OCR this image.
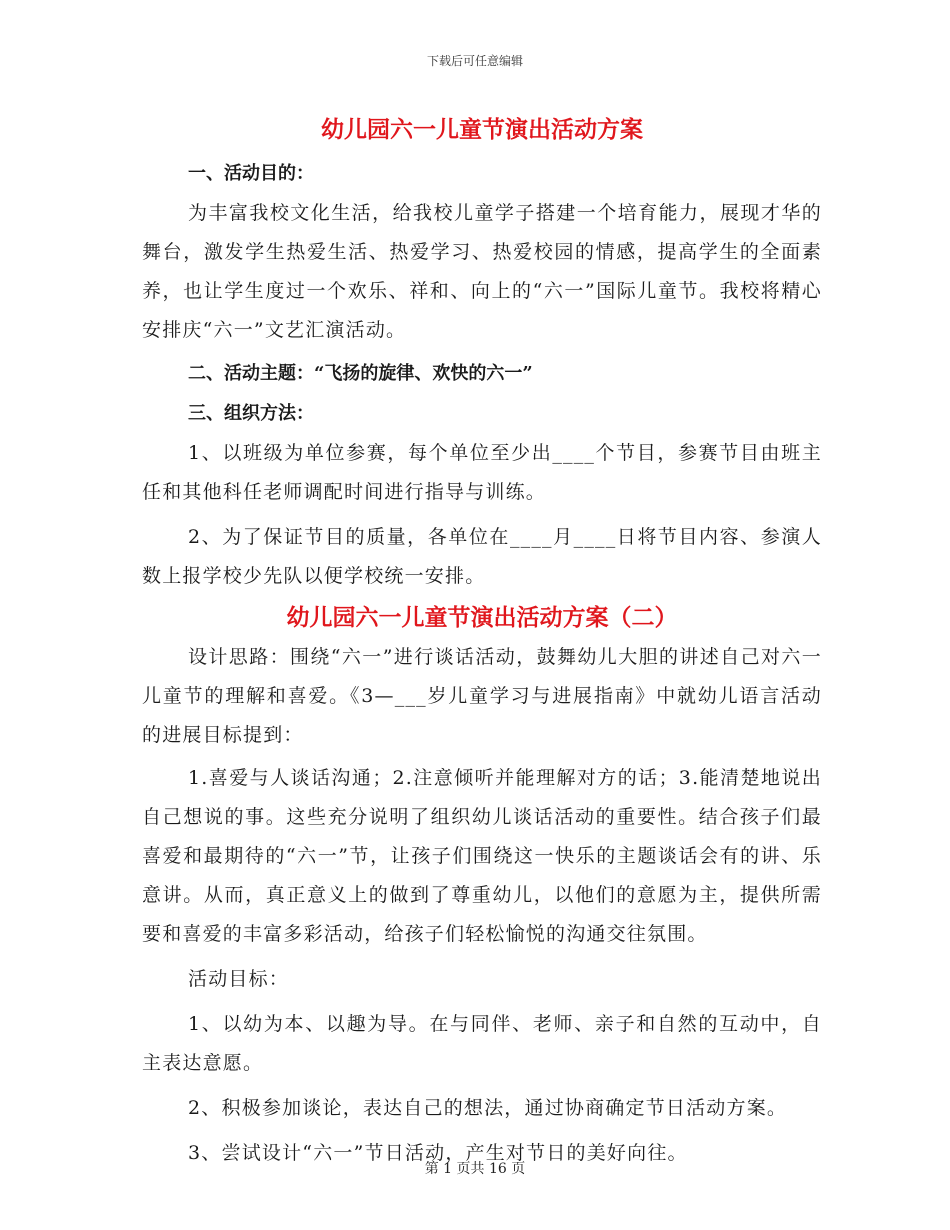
下载后可任意编辑
幼儿园六一儿童节演出活动方案

一、活动目的：

为丰富我校文化生活，给我校儿童学子搭建一个培育能力，展现才华的舞台，激发学生热爱生活、热爱学习、热爱校园的情感，提高学生的全面素养，也让学生度过一个欢乐、祥和、向上的“六一”国际儿童节。我校将精心安排庆“六一”文艺汇演活动。

二、活动主题：“飞扬的旋律、欢快的六一”

三、组织方法：

1、以班级为单位参赛，每个单位至少出____个节目，参赛节目由班主任和其他科任老师调配时间进行指导与训练。

2、为了保证节目的质量，各单位在____月____日将节目内容、参演人数上报学校少先队以便学校统一安排。

幼儿园六一儿童节演出活动方案（二）

设计思路：围绕“六一”进行谈话活动，鼓舞幼儿大胆的讲述自己对六一儿童节的理解和喜爱。《3—___岁儿童学习与进展指南》中就幼儿语言活动的进展目标提到：

1.喜爱与人谈话沟通；2.注意倾听并能理解对方的话；3.能清楚地说出自己想说的事。这些充分说明了组织幼儿谈话活动的重要性。结合孩子们最喜爱和最期待的“六一”节，让孩子们围绕这一快乐的主题谈话会有的讲、乐意讲。从而，真正意义上的做到了尊重幼儿，以他们的意愿为主，提供所需要和喜爱的丰富多彩活动，给孩子们轻松愉悦的沟通交往氛围。

活动目标：

1、以幼为本、以趣为导。在与同伴、老师、亲子和自然的互动中，自主表达意愿。

2、积极参加谈论，表达自己的想法，通过协商确定节日活动方案。

3、尝试设计“六一”节日活动，产生对节日的美好向往。

第 1 页共 16 页
